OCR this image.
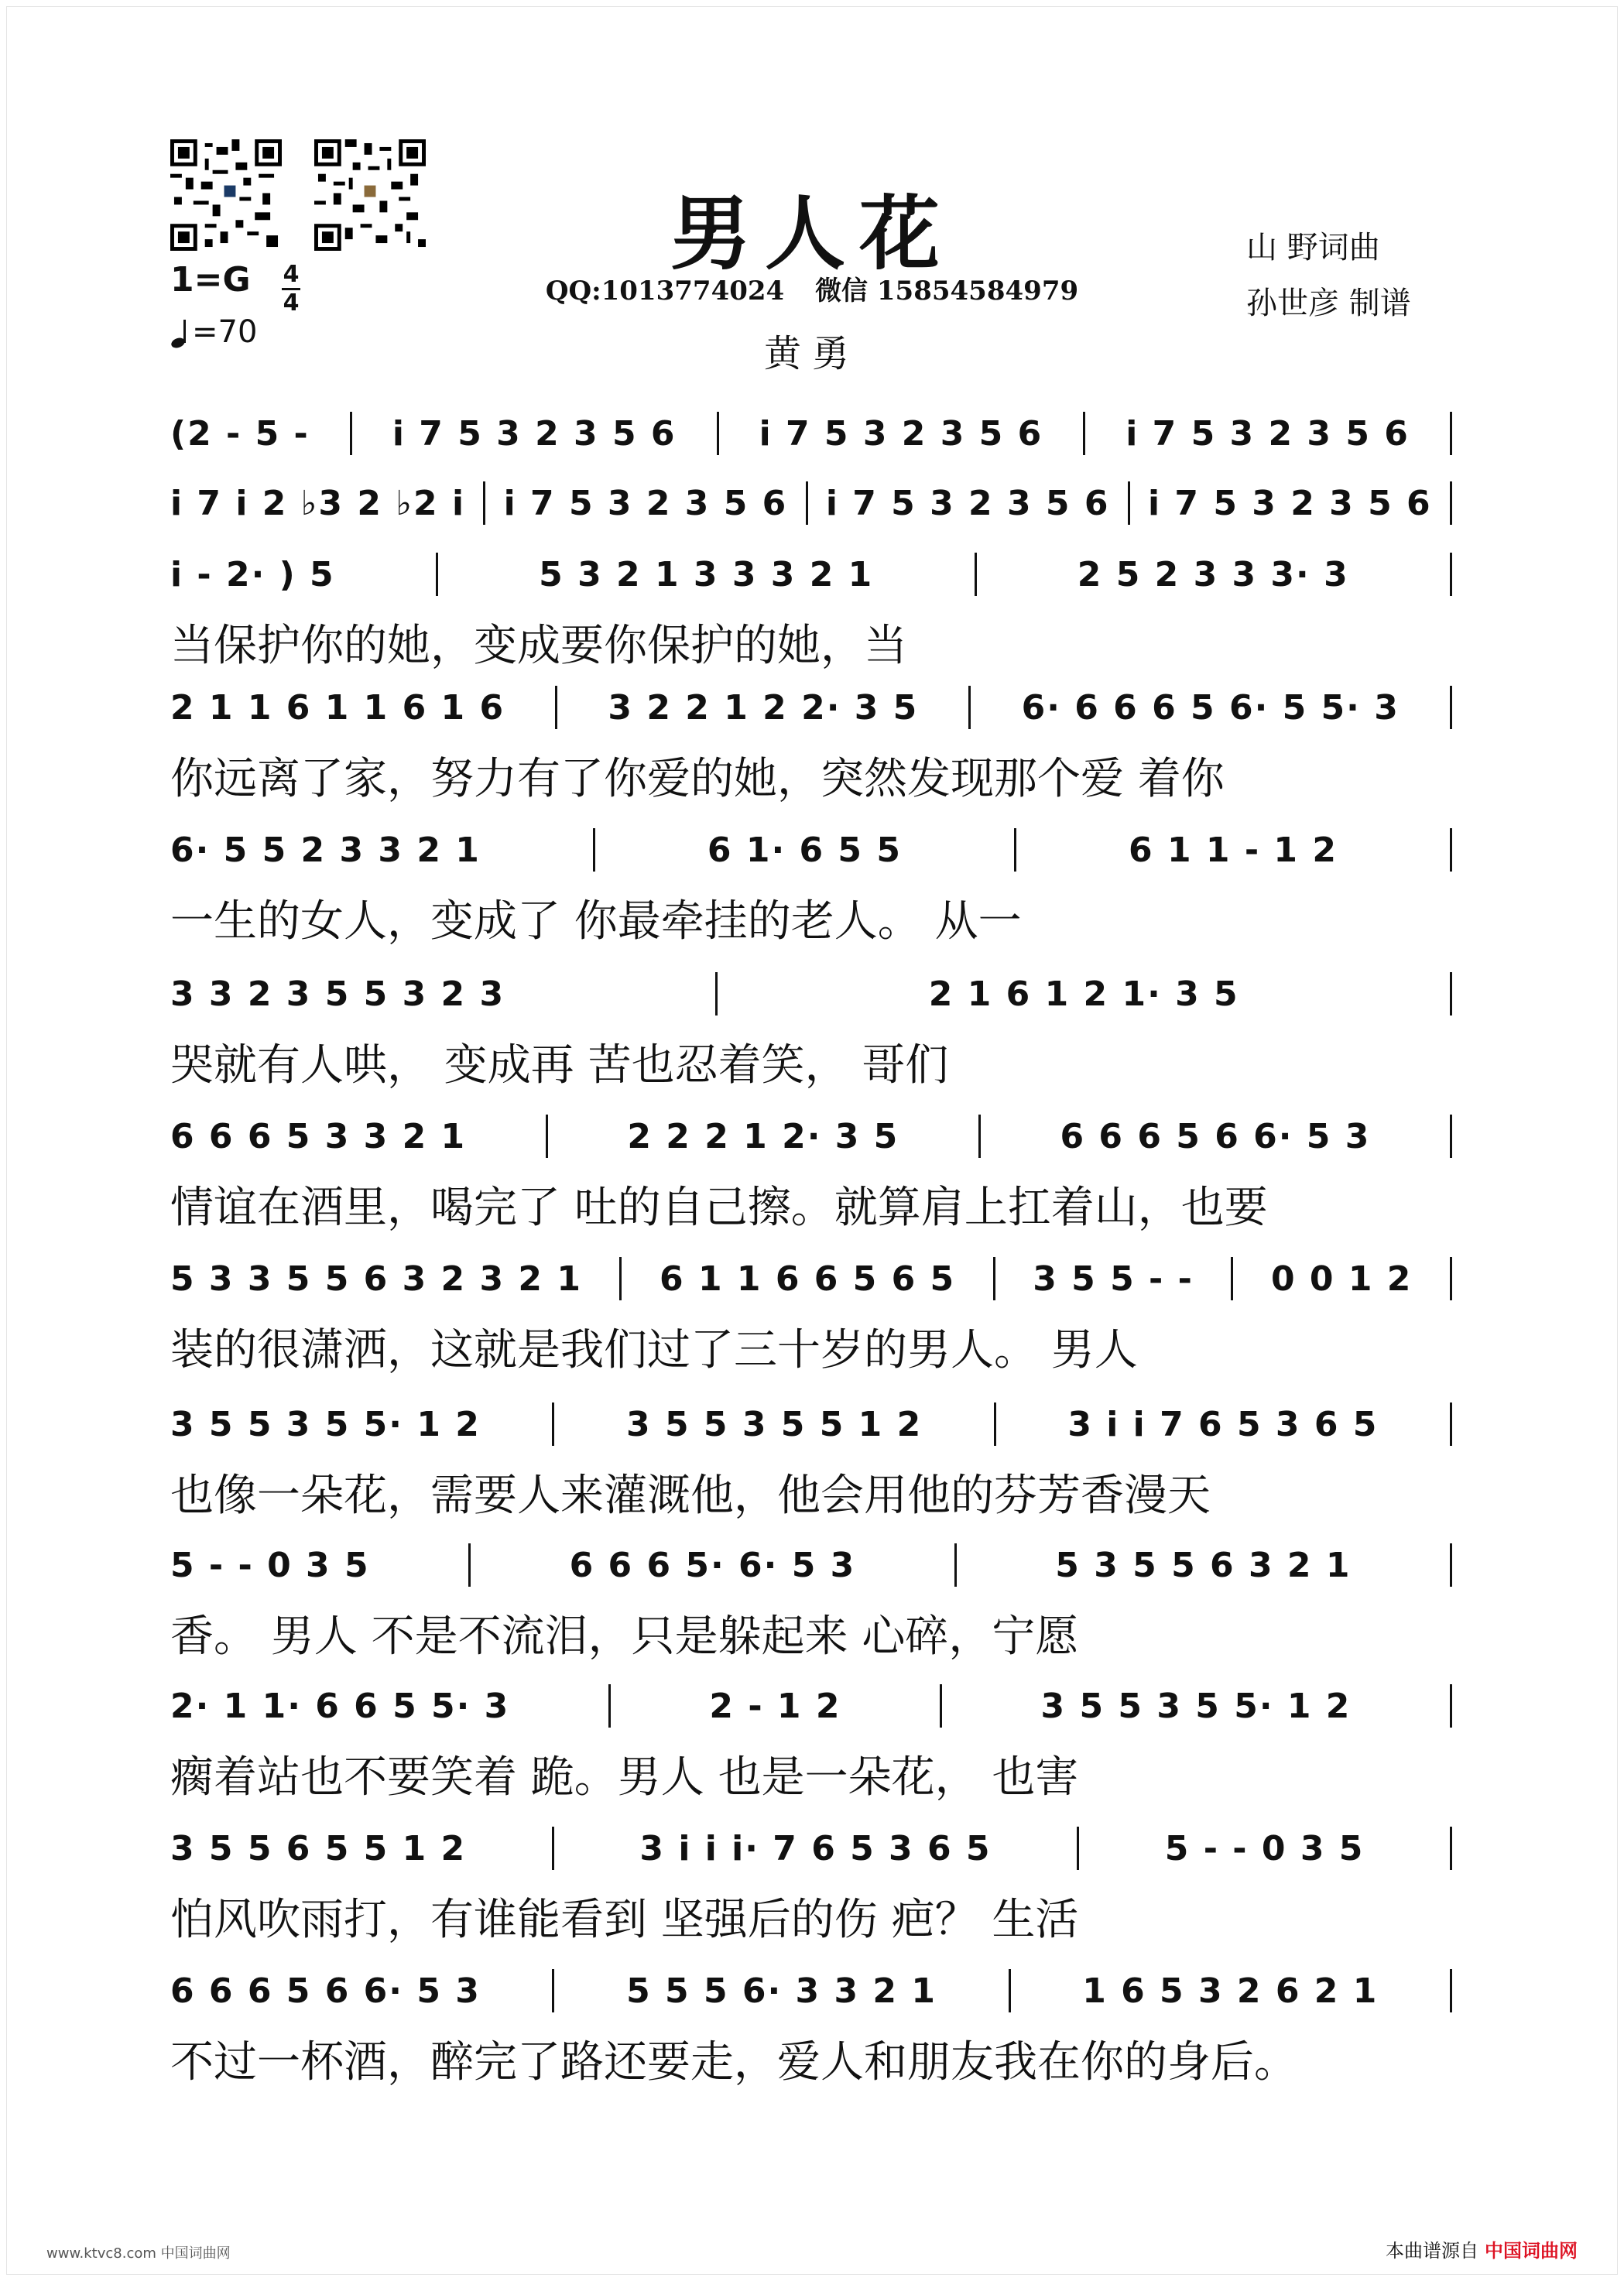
男人花
QQ:1013774024 微信 15854584979
黄勇
山 野词曲
孙世彦 制谱
1=G 4
4
=70
(2 - 5 - i 7 5 3 2 3 5 6 i 7 5 3 2 3 5 6 i 7 5 3 2 3 5 6
i 7 i 2 ♭3 2 ♭2 i i 7 5 3 2 3 5 6 i 7 5 3 2 3 5 6 i 7 5 3 2 3 5 6
i - 2· ) 5	5 3 2 1 3 3 3 2 1	2 5 2 3 3 3· 3
当保护你的她，变成要你保护的她，当
2 1 1 6 1 1 6 1 6	3 2 2 1 2 2· 3 5	6· 6 6 6 5 6· 5 5· 3
你远离了家，努力有了你爱的她，突然发现那个爱 着你
6· 5 5 2 3 3 2 1	6 1· 6 5 5	6 1 1 - 1 2
一生的女人，变成了 你最牵挂的老人。 从一
3 3 2 3 5 5 3 2 3	2 1 6 1 2 1· 3 5
哭就有人哄， 变成再 苦也忍着笑， 哥们
6 6 6 5 3 3 2 1	2 2 2 1 2· 3 5	6 6 6 5 6 6· 5 3
情谊在酒里，喝完了 吐的自己擦。就算肩上扛着山，也要
5 3 3 5 5 6 3 2 3 2 1 6 1 1 6 6 5 6 5 3 5 5 - - 0 0 1 2
装的很潇洒，这就是我们过了三十岁的男人。 男人
3 5 5 3 5 5· 1 2	3 5 5 3 5 5 1 2	3 i i 7 6 5 3 6 5
也像一朵花，需要人来灌溉他，他会用他的芬芳香漫天
5 - - 0 3 5	6 6 6 5· 6· 5 3	5 3 5 5 6 3 2 1
香。 男人 不是不流泪，只是躲起来 心碎，宁愿
2· 1 1· 6 6 5 5· 3	2 - 1 2	3 5 5 3 5 5· 1 2
瘸着站也不要笑着 跪。男人 也是一朵花， 也害
3 5 5 6 5 5 1 2	3 i i i· 7 6 5 3 6 5	5 - - 0 3 5
怕风吹雨打，有谁能看到 坚强后的伤 疤？ 生活
6 6 6 5 6 6· 5 3	5 5 5 6· 3 3 2 1	1 6 5 3 2 6 2 1
不过一杯酒，醉完了路还要走，爱人和朋友我在你的身后。
www.ktvc8.com 中国词曲网	本曲谱源自 中国词曲网
